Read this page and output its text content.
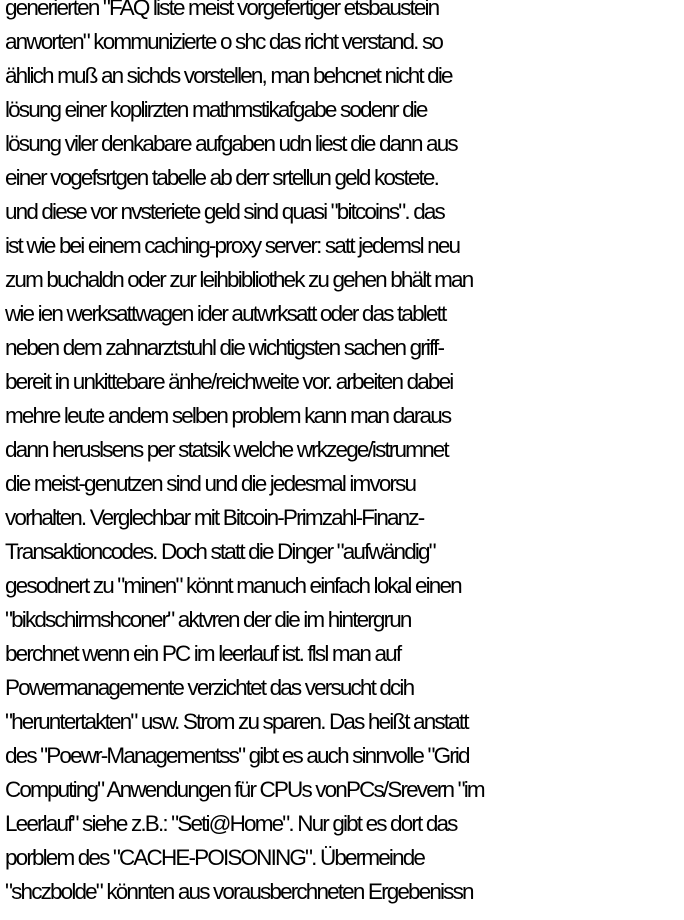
generierten "FAQ liste meist vorgefertiger etsbaustein
anworten" kommunizierte o shc das richt verstand. so
ählich muß an sichds vorstellen, man behcnet nicht die
lösung einer koplirzten mathmstikafgabe sodenr die
lösung viler denkabare aufgaben udn liest die dann aus
einer vogefsrtgen tabelle ab derr srtellun geld kostete.
und diese vor nvsteriete geld sind quasi "bitcoins". das
ist wie bei einem caching-proxy server: satt jedemsl neu
zum buchaldn oder zur leihbibliothek zu gehen bhält man
wie ien werksattwagen ider autwrksatt oder das tablett
neben dem zahnarztstuhl die wichtigsten sachen griff-
bereit in unkittebare änhe/reichweite vor. arbeiten dabei
mehre leute andem selben problem kann man daraus
dann heruslsens per statsik welche wrkzege/istrumnet
die meist-genutzen sind und die jedesmal imvorsu
vorhalten. Verglechbar mit Bitcoin-Primzahl-Finanz-
Transaktioncodes. Doch statt die Dinger "aufwändig"
gesodnert zu "minen" könnt manuch einfach lokal einen
"bikdschirmshconer" aktvren der die im hintergrun
berchnet wenn ein PC im leerlauf ist. flsl man auf
Powermanagemente verzichtet das versucht dcih
"heruntertakten" usw. Strom zu sparen. Das heißt anstatt
des "Poewr-Managementss" gibt es auch sinnvolle "Grid
Computing" Anwendungen für CPUs vonPCs/Srevern "im
Leerlauf" siehe z.B.: "Seti@Home". Nur gibt es dort das
porblem des "CACHE-POISONING". Übermeinde
"shczbolde" könnten aus vorausberchneten Ergebenissn
